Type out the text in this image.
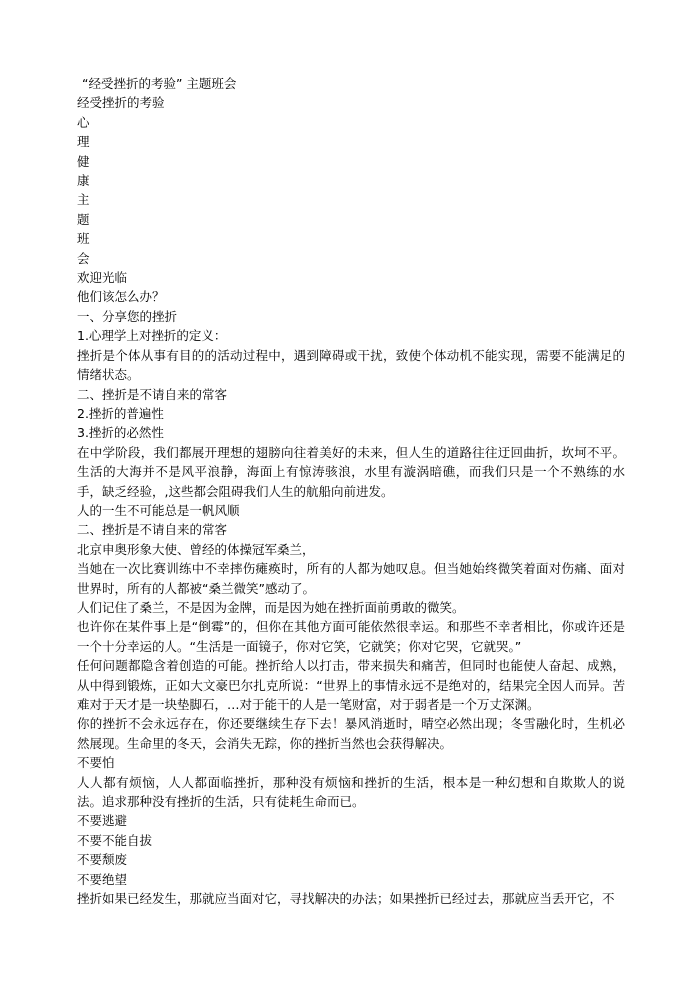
“经受挫折的考验” 主题班会
经受挫折的考验
心
理
健
康
主
题
班
会
欢迎光临
他们该怎么办？
一、分享您的挫折
1.心理学上对挫折的定义：
挫折是个体从事有目的的活动过程中，遇到障碍或干扰，致使个体动机不能实现，需要不能满足的情绪状态。
二、挫折是不请自来的常客
2.挫折的普遍性
3.挫折的必然性
在中学阶段，我们都展开理想的翅膀向往着美好的未来，但人生的道路往往迂回曲折，坎坷不平。生活的大海并不是风平浪静，海面上有惊涛骇浪，水里有漩涡暗礁，而我们只是一个不熟练的水手，缺乏经验，,这些都会阻碍我们人生的航船向前进发。
人的一生不可能总是一帆风顺
二、挫折是不请自来的常客
北京申奥形象大使、曾经的体操冠军桑兰，
当她在一次比赛训练中不幸摔伤瘫痪时，所有的人都为她叹息。但当她始终微笑着面对伤痛、面对世界时，所有的人都被“桑兰微笑”感动了。
人们记住了桑兰，不是因为金牌，而是因为她在挫折面前勇敢的微笑。
也许你在某件事上是“倒霉”的，但你在其他方面可能依然很幸运。和那些不幸者相比，你或许还是一个十分幸运的人。“生活是一面镜子，你对它笑，它就笑；你对它哭，它就哭。”
任何问题都隐含着创造的可能。挫折给人以打击，带来损失和痛苦，但同时也能使人奋起、成熟，从中得到锻炼，正如大文豪巴尔扎克所说：“世界上的事情永远不是绝对的，结果完全因人而异。苦难对于天才是一块垫脚石，…对于能干的人是一笔财富，对于弱者是一个万丈深渊。
你的挫折不会永远存在，你还要继续生存下去！暴风消逝时，晴空必然出现；冬雪融化时，生机必然展现。生命里的冬天，会消失无踪，你的挫折当然也会获得解决。
不要怕
人人都有烦恼，人人都面临挫折，那种没有烦恼和挫折的生活，根本是一种幻想和自欺欺人的说法。追求那种没有挫折的生活，只有徒耗生命而已。
不要逃避
不要不能自拔
不要颓废
不要绝望
挫折如果已经发生，那就应当面对它，寻找解决的办法；如果挫折已经过去，那就应当丢开它，不
